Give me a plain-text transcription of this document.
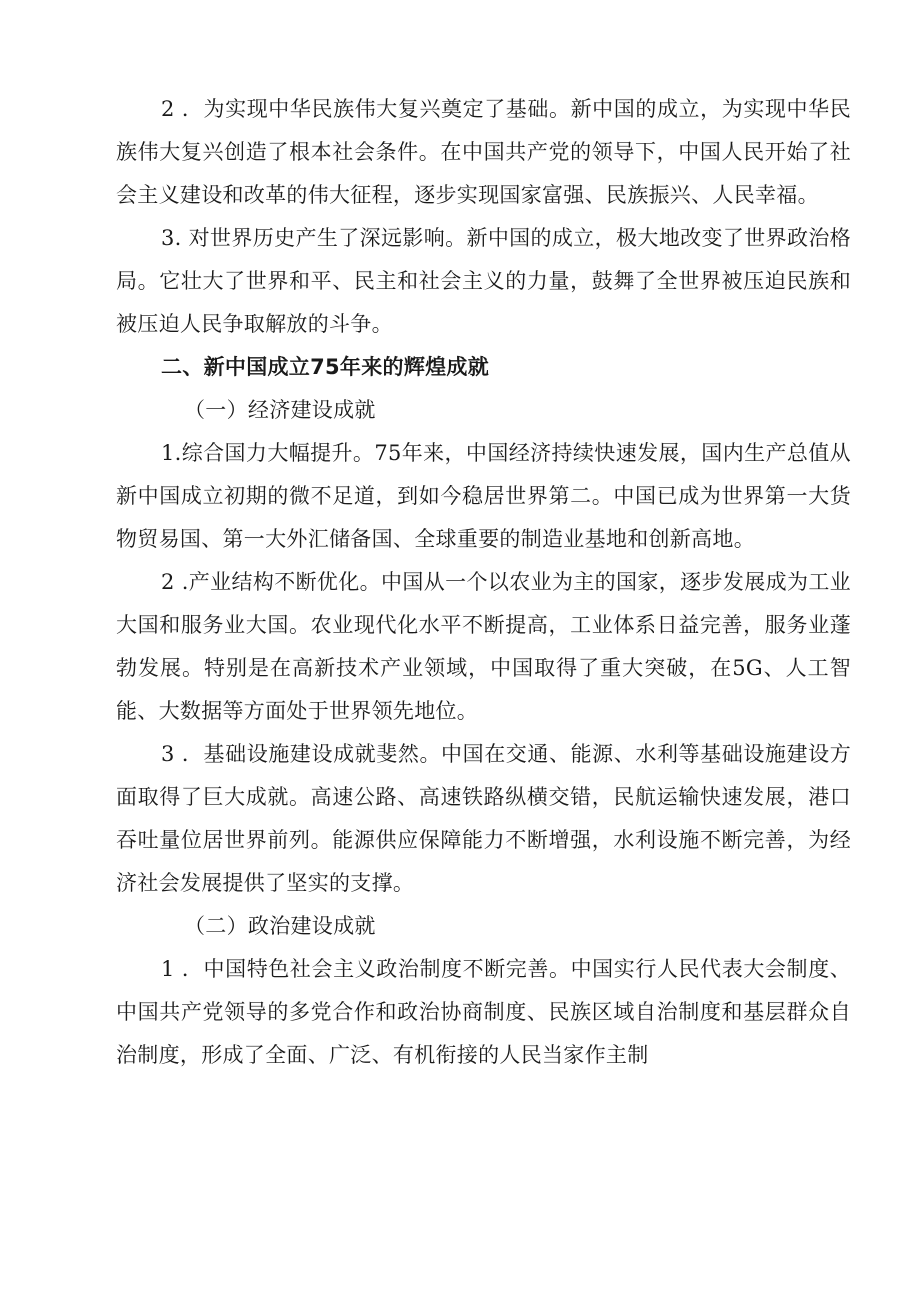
2 ．为实现中华民族伟大复兴奠定了基础。新中国的成立，为实现中华民族伟大复兴创造了根本社会条件。在中国共产党的领导下，中国人民开始了社会主义建设和改革的伟大征程，逐步实现国家富强、民族振兴、人民幸福。

3. 对世界历史产生了深远影响。新中国的成立，极大地改变了世界政治格局。它壮大了世界和平、民主和社会主义的力量，鼓舞了全世界被压迫民族和被压迫人民争取解放的斗争。

二、新中国成立75年来的辉煌成就

（一）经济建设成就

1.综合国力大幅提升。75年来，中国经济持续快速发展，国内生产总值从新中国成立初期的微不足道，到如今稳居世界第二。中国已成为世界第一大货物贸易国、第一大外汇储备国、全球重要的制造业基地和创新高地。

2 .产业结构不断优化。中国从一个以农业为主的国家，逐步发展成为工业大国和服务业大国。农业现代化水平不断提高，工业体系日益完善，服务业蓬勃发展。特别是在高新技术产业领域，中国取得了重大突破，在5G、人工智能、大数据等方面处于世界领先地位。

3 ．基础设施建设成就斐然。中国在交通、能源、水利等基础设施建设方面取得了巨大成就。高速公路、高速铁路纵横交错，民航运输快速发展，港口吞吐量位居世界前列。能源供应保障能力不断增强，水利设施不断完善，为经济社会发展提供了坚实的支撑。

（二）政治建设成就

1 ．中国特色社会主义政治制度不断完善。中国实行人民代表大会制度、中国共产党领导的多党合作和政治协商制度、民族区域自治制度和基层群众自治制度，形成了全面、广泛、有机衔接的人民当家作主制
